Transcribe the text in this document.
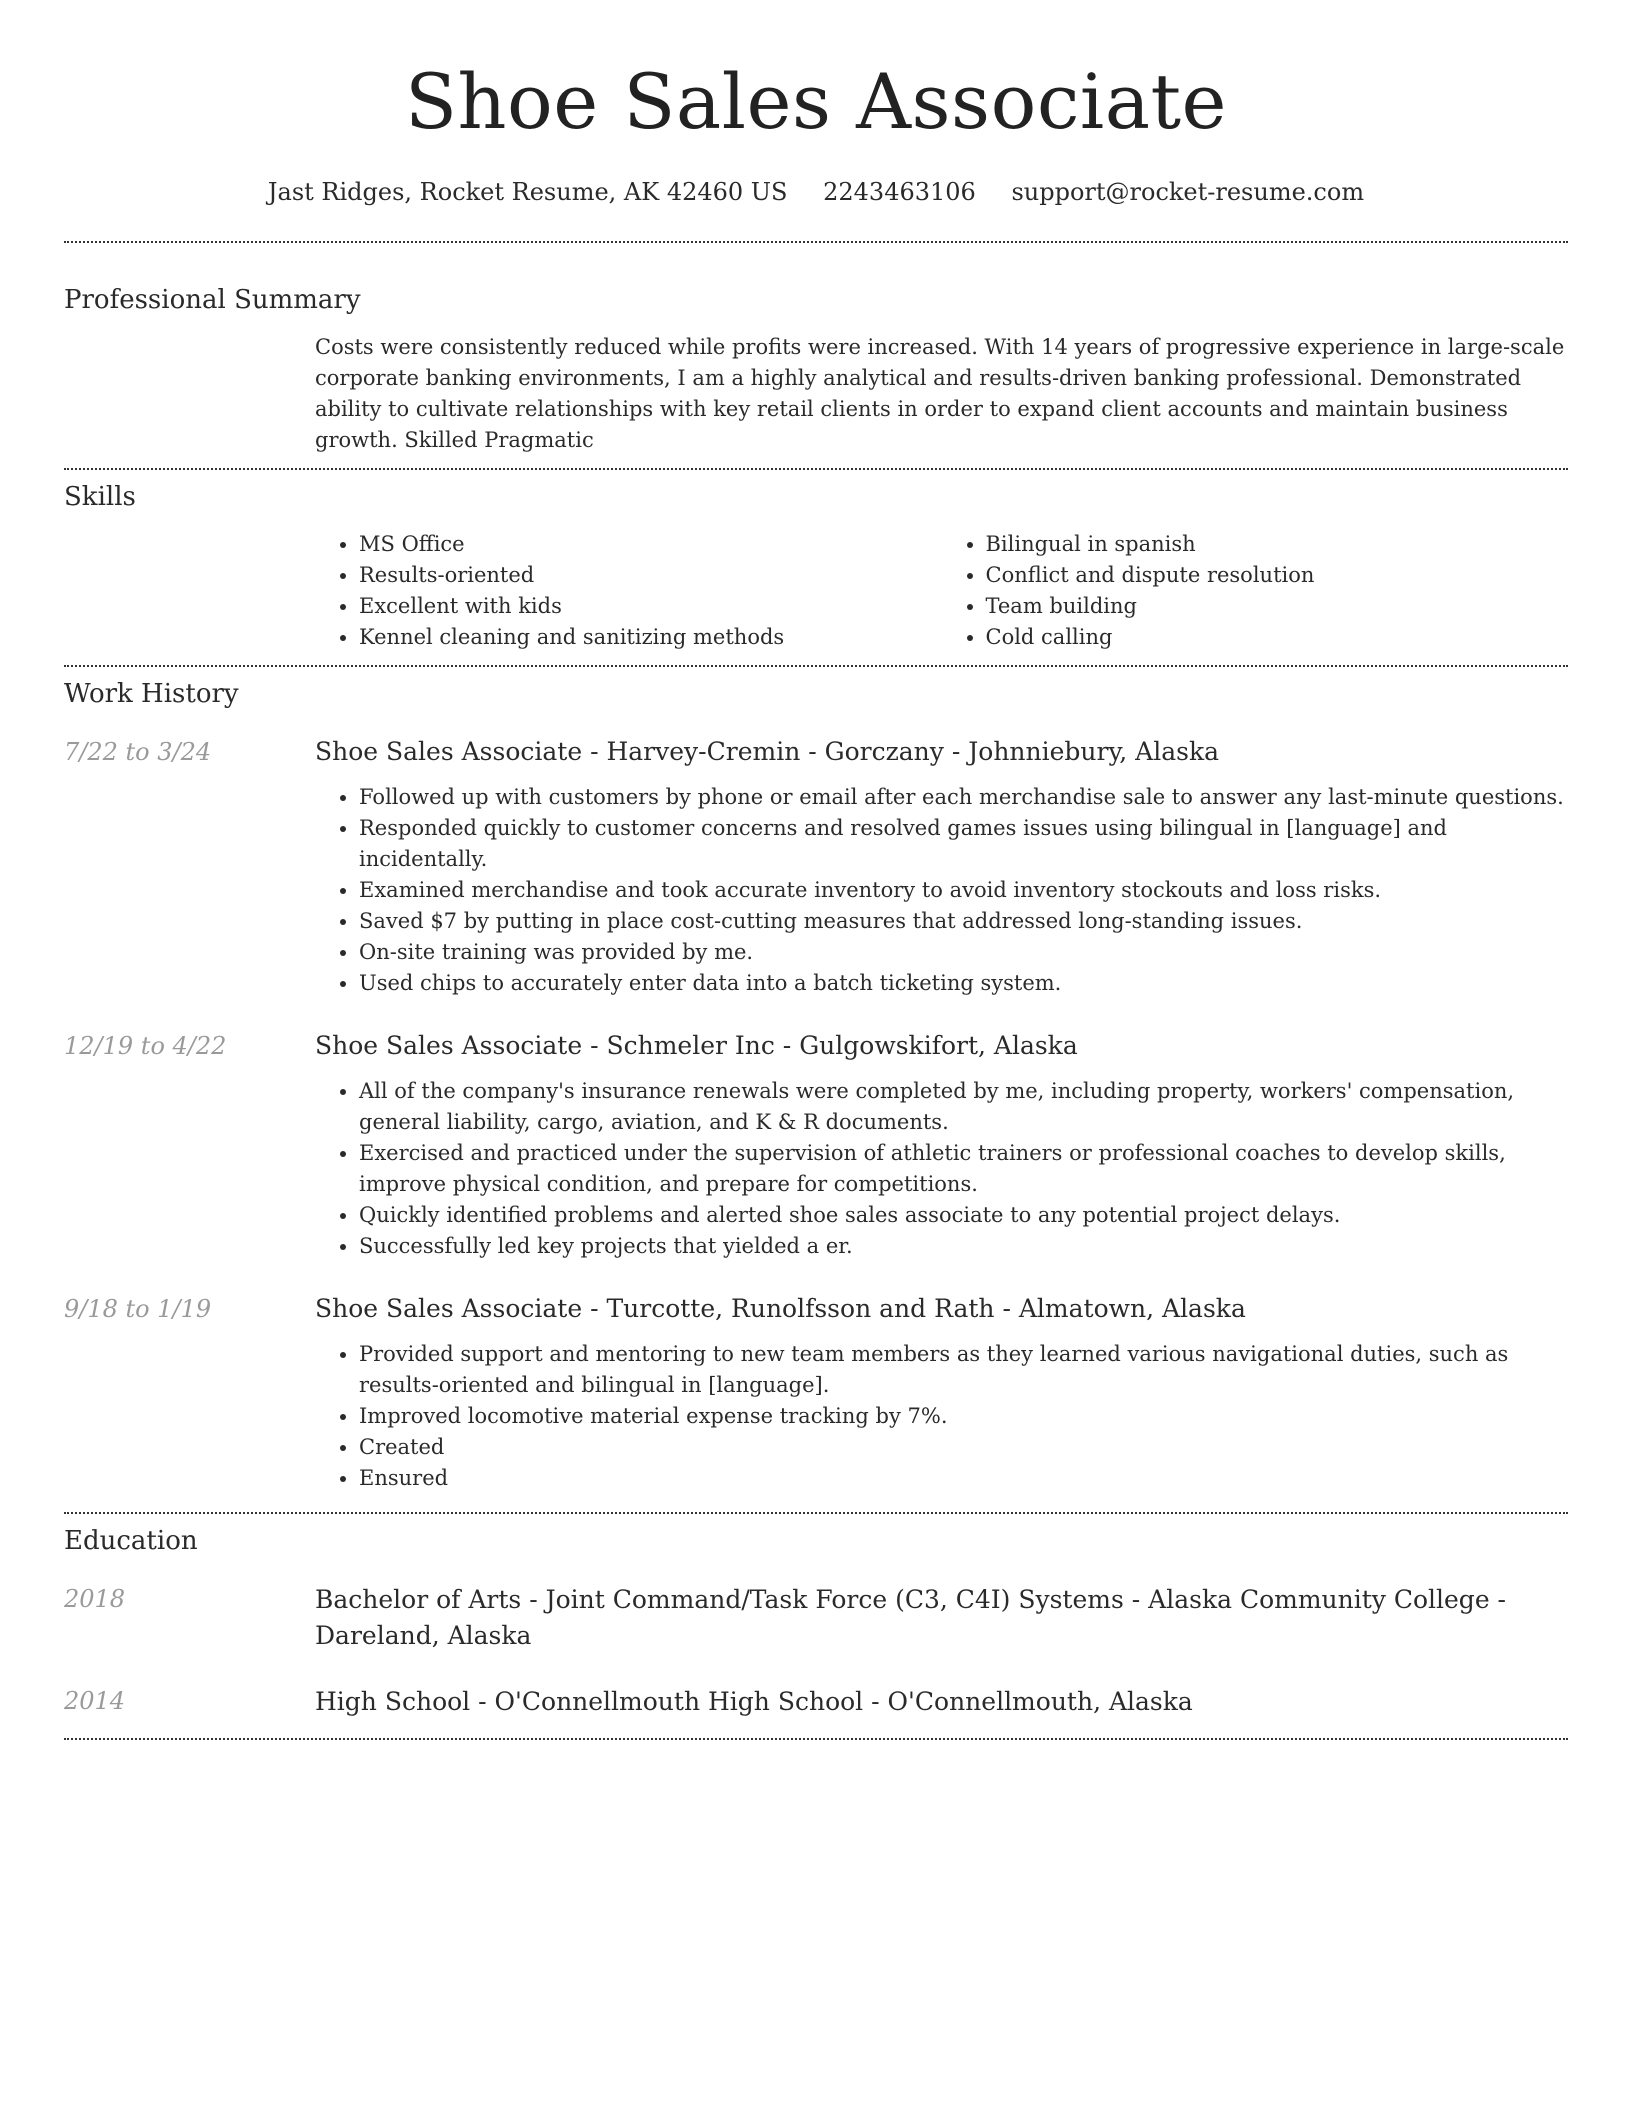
Shoe Sales Associate
Jast Ridges, Rocket Resume, AK 42460 US 2243463106 support@rocket-resume.com
Professional Summary

Costs were consistently reduced while profits were increased. With 14 years of progressive experience in large-scale corporate banking environments, I am a highly analytical and results-driven banking professional. Demonstrated ability to cultivate relationships with key retail clients in order to expand client accounts and maintain business growth. Skilled Pragmatic

Skills
• MS Office
• Results-oriented
• Excellent with kids
• Kennel cleaning and sanitizing methods
• Bilingual in spanish
• Conflict and dispute resolution
• Team building
• Cold calling
Work History
7/22 to 3/24	Shoe Sales Associate - Harvey-Cremin - Gorczany - Johnniebury, Alaska
• Followed up with customers by phone or email after each merchandise sale to answer any last-minute questions.
• Responded quickly to customer concerns and resolved games issues using bilingual in [language] and incidentally.
• Examined merchandise and took accurate inventory to avoid inventory stockouts and loss risks.
• Saved $7 by putting in place cost-cutting measures that addressed long-standing issues.
• On-site training was provided by me.
• Used chips to accurately enter data into a batch ticketing system.
12/19 to 4/22	Shoe Sales Associate - Schmeler Inc - Gulgowskifort, Alaska
• All of the company's insurance renewals were completed by me, including property, workers' compensation, general liability, cargo, aviation, and K & R documents.
• Exercised and practiced under the supervision of athletic trainers or professional coaches to develop skills, improve physical condition, and prepare for competitions.
• Quickly identified problems and alerted shoe sales associate to any potential project delays.
• Successfully led key projects that yielded a er.
9/18 to 1/19	Shoe Sales Associate - Turcotte, Runolfsson and Rath - Almatown, Alaska
• Provided support and mentoring to new team members as they learned various navigational duties, such as results-oriented and bilingual in [language].
• Improved locomotive material expense tracking by 7%.
• Created
• Ensured
Education
2018	Bachelor of Arts - Joint Command/Task Force (C3, C4I) Systems - Alaska Community College - Dareland, Alaska
2014	High School - O'Connellmouth High School - O'Connellmouth, Alaska
